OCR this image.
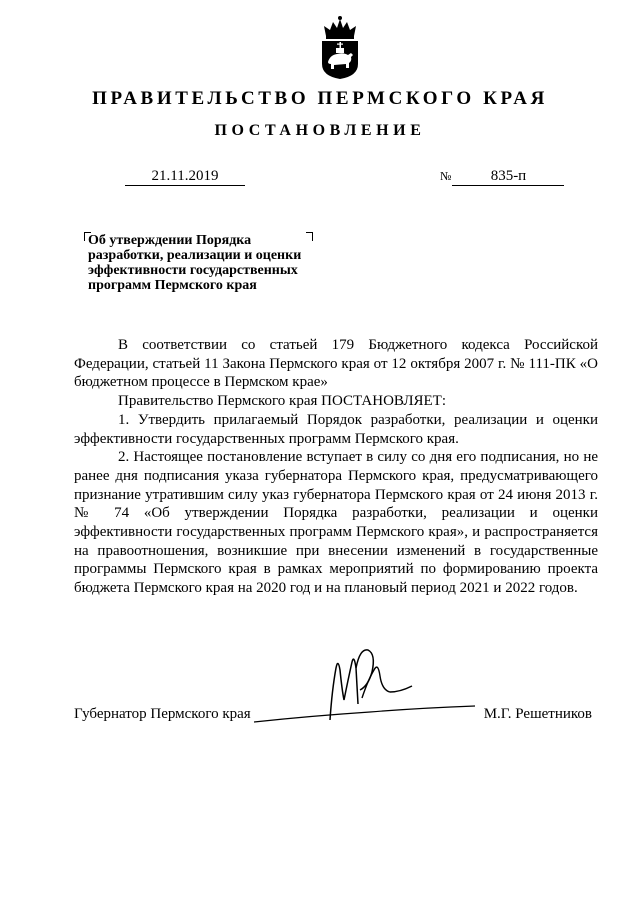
ПРАВИТЕЛЬСТВО ПЕРМСКОГО КРАЯ
ПОСТАНОВЛЕНИЕ
21.11.2019	№	835-п
Об утверждении Порядка
разработки, реализации и оценки
эффективности государственных
программ Пермского края

В соответствии со статьей 179 Бюджетного кодекса Российской Федерации, статьей 11 Закона Пермского края от 12 октября 2007 г. № 111-ПК «О бюджетном процессе в Пермском крае»

Правительство Пермского края ПОСТАНОВЛЯЕТ:

1. Утвердить прилагаемый Порядок разработки, реализации и оценки эффективности государственных программ Пермского края.

2. Настоящее постановление вступает в силу со дня его подписания, но не ранее дня подписания указа губернатора Пермского края, предусматривающего признание утратившим силу указ губернатора Пермского края от 24 июня 2013 г. № 74 «Об утверждении Порядка разработки, реализации и оценки эффективности государственных программ Пермского края», и распространяется на правоотношения, возникшие при внесении изменений в государственные программы Пермского края в рамках мероприятий по формированию проекта бюджета Пермского края на 2020 год и на плановый период 2021 и 2022 годов.

Губернатор Пермского края	М.Г. Решетников
